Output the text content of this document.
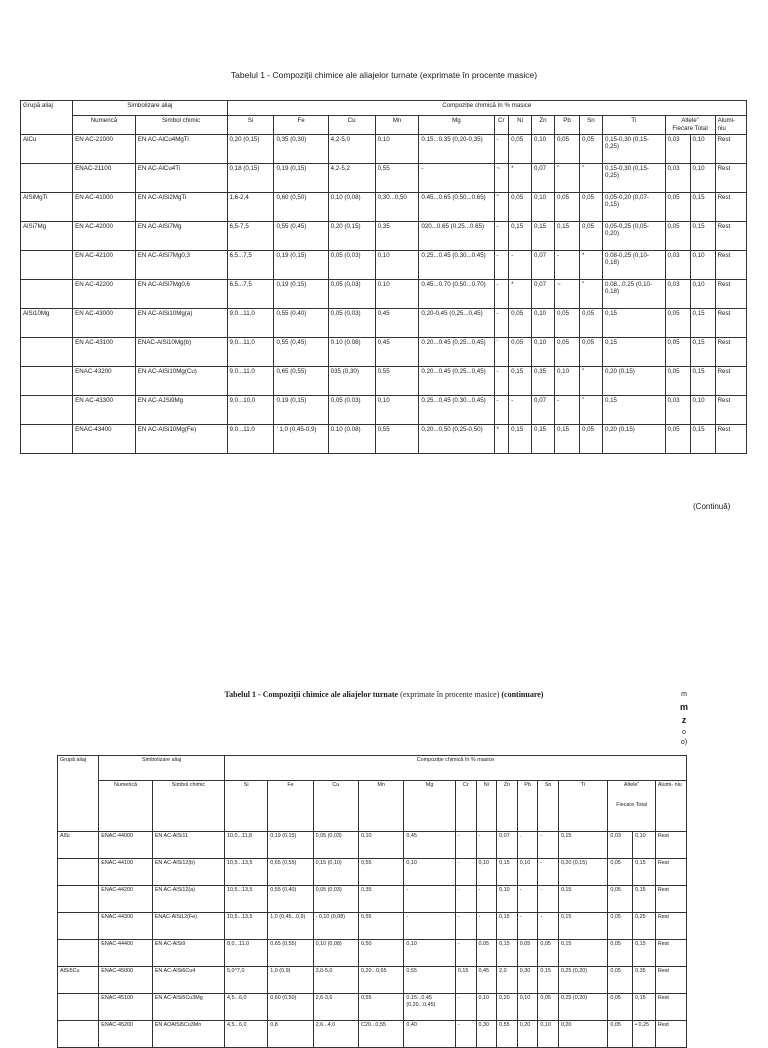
Tabelul 1 - Compoziții chimice ale aliajelor turnate (exprimate în procente masice)
Grupă aliaj	Simbolizare aliaj		Compoziție chimică în % masice													
	Numerică	Simbol chimic	Si	Fe	Cu	Mn	Mg	Cr	Ni	Zn	Pb	Sn	Ti	Altele"
Fiecare Total		Alumi- niu
AlCu	EN AC-21000	EN AC-AlCu4MgTi	0,20 (0,15)	0,35 (0,30)	4,2-5,0	0,10	0.15...0.35 (0,20-0,35)	-	0,05	0,10	0,05	0,05	0,15-0,30 (0,15-0,25)	0,03	0,10	Rest
	ENAC-21100	EN AC-AlCu4Ti	0,18 (0,15)	0,19 (0,15)	4,2-5,2	0,55	-	~	*	0,07	"	"	0,15-0,30 (0,15-0,25)	0,03	0,10	Rest
AlSiMgTi	EN AC-41000	EN AC-AlSi2MgTi	1,6-2,4	0,60 (0,50)	0,10 (0,08)	0,30...0,50	0.45...0.65 (0.50...0.65)	"	0,05	0,10	0,05	0,05	0,05-0,20 (0,07-0,15)	0,05	0,15	Rest
AlSi7Mg	EN AC-42000	EN AC-AlSi7Mg	6,5-7,5	0,55 (0,45)	0,20 (0,15)	0,35	020...0.65 (0.25...0.65)	-	0,15	0,15	0,15	0,05	0,05-0,25 (0,05-0,20)	0,05	0,15	Rest
	EN AC-42100	EN AC-AlSi7Mg0,3	6,5...7,5	0,19 (0,15)	0,05 (0,03)	0,10	0.25...0.45 (0.30...0.45)	-	-	0,07	-	*	0.08-0,25 (0,10-0,18)	0,03	0,10	Rest
	EN AC-42200	EN AC-AlSi7Mg0,6	6,5...7,5	0,19 (0.15)	0,05 (0,03)	0.10	0.45...0.70 (0.50...0.70)	-	*	0,07	~	"	0.08...0.25 (0,10-0,18)	0,03	0,10	Rest
AlSi10Mg	EN AC-43000	EN AC-AlSi10Mg(a)	9,0...11,0	0,55 (0.40)	0,05 (0,03)	0,45	0,20-0,45 (0,25...0,45)	-	0,05	0,10	0,05	0,05	0,15	0,05	0,15	Rest
	EN AC-43100	ENAC-AlSi10Mg(b)	9,0...11,0	0,55 (0,45)	0.10 (0.08)	0,45	0.20...0.45 (0,25...0,45)	'	0,05	0,10	0,05	0,05	0,15	0,05	0,15	Rest
	ENAC-43200	EN AC-AlSi10Mg(Cu)	9.0...11.0	0,65 (0,55)	035 (0,30)	0,55	0.20...0.45 (0,25...0,45)	-	0,15	0,35	0,10	"	0,20 (0,15)	0,05	0,15	Rest
	EN AC-43300	EN AC-AJSi9Mg	9,0...10,0	0.19 (0,15)	0,05 (0.03)	0,10	0.25...0,45 (0.30...0.45)	-	-	0,07	-	"	0,15	0,03	0,10	Rest
	ENAC-43400	EN AC-AlSi10Mg(Fe)	9.0...11.0	' 1,0 (0,45-0,9)	0.10 (0.08)	0,55	0,20...0,50 (0,25-0,50)	*	0,15	0,15	0,15	0,05	0,20 (0,15)	0,05	0,15	Rest
(Continuă)
Tabelul 1 - Compoziții chimice ale aliajelor turnate (exprimate în procente masice) (continuare)	m
m
z
o
o)
Grupă aliaj	Simbolizare aliaj		Compoziție chimică în % masice													
	Numerică	Simbol chimic	Si	Fe	Cu	Mn	Mg	Cr	Ni	Zn	Pb	Sn	Ti	Altele"

Fiecare Total		Alumi- niu
AlSi	ENAC-44000	EN AC-AlSi11	10,0...11,8	0,19 (0,15)	0,05 (0,03)	0,10	0,45	-	-	0,07	.	-	0,15	0,03	0,10	Rest
	ENAC-44100	EN AC-AlSi12(b)	10,5...13,5	0,65 (0,55)	0,15 (0,10)	0,55	0,10	-	0,10	0,15	0,10	-	0,20 (0,15)	0,05	0,15	Rest
	ENAC-44200	EN AC-AlSi12(a)	10,5...13,5	0,55 (0,40)	0,05 (0,03)	0,35	-	-	-	0,10	-	-	0,15	0,05	0,15	Rest
	ENAC-44300	ENAC-AlSi12(Fe)	10,5...13,5	1,0 (0,45...0,9)	- 0,10 (0,08)	0,55	-	-	-	0,15	-	-	0,15	0,05	0,25	Rest
	ENAC-44400	EN AC-AlSi9	8,0...11,0	0,65 (0,55)	0,10 (0,08)	0,50	0,10	-	0,05	0,15	0,05	0,05	0,15	0,05	0,15	Rest
AlSi5Cu	ENAC-45000	EN AC-AlSi6Cu4	5,0^7,0	1,0 (0,9)	3,0-5,0	0,20...0,65	0,55	0,15	0,45	2,0	0,30	0,15	0,25 (0,20)	0,05	0,35	Rest
	ENAC-45100	EN AC-AlSi5Cu3Mg	4,5...6,0	0,60 (0,50)	2,6-3,6	0,55	0.15...0,45 (0,20...0,45)	-	0,10	0,20	0,10	0,05	0,25 (0,20)	0,05	0,15	Rest
	ENAC-45200	EN AOAlSi5Cu3Mn	4,5...6,0	0,8	2,6...4,0	C20...0,55	0,40	-	0,30	0,55	0,20	0,10	0,20	0,05	• 0,25	Rest
